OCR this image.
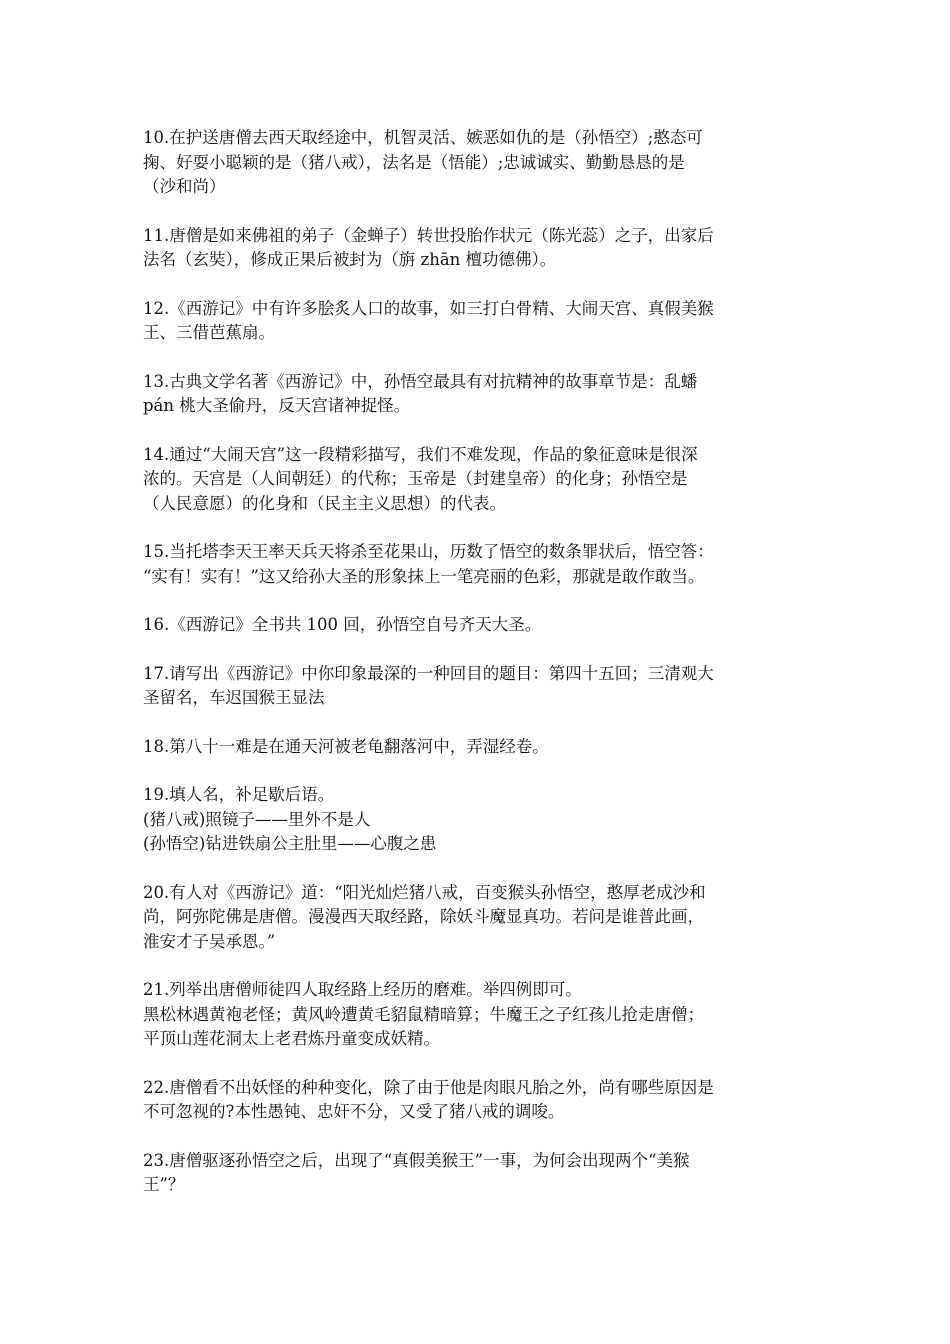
10.在护送唐僧去西天取经途中，机智灵活、嫉恶如仇的是（孙悟空）;憨态可
掬、好耍小聪颖的是（猪八戒），法名是（悟能）;忠诚诚实、勤勤恳恳的是
（沙和尚）
11.唐僧是如来佛祖的弟子（金蝉子）转世投胎作状元（陈光蕊）之子，出家后
法名（玄奘），修成正果后被封为（旃 zhān 檀功德佛）。
12.《西游记》中有许多脍炙人口的故事，如三打白骨精、大闹天宫、真假美猴
王、三借芭蕉扇。
13.古典文学名著《西游记》中，孙悟空最具有对抗精神的故事章节是：乱蟠
pán 桃大圣偷丹，反天宫诸神捉怪。
14.通过“大闹天宫”这一段精彩描写，我们不难发现，作品的象征意味是很深
浓的。天宫是（人间朝廷）的代称；玉帝是（封建皇帝）的化身；孙悟空是
（人民意愿）的化身和（民主主义思想）的代表。
15.当托塔李天王率天兵天将杀至花果山，历数了悟空的数条罪状后，悟空答：
“实有！实有！”这又给孙大圣的形象抹上一笔亮丽的色彩，那就是敢作敢当。
16.《西游记》全书共 100 回，孙悟空自号齐天大圣。
17.请写出《西游记》中你印象最深的一种回目的题目：第四十五回；三清观大
圣留名，车迟国猴王显法
18.第八十一难是在通天河被老龟翻落河中，弄湿经卷。
19.填人名，补足歇后语。
(猪八戒)照镜子——里外不是人
(孙悟空)钻进铁扇公主肚里——心腹之患
20.有人对《西游记》道：“阳光灿烂猪八戒，百变猴头孙悟空，憨厚老成沙和
尚，阿弥陀佛是唐僧。漫漫西天取经路，除妖斗魔显真功。若问是谁普此画，
淮安才子吴承恩。”
21.列举出唐僧师徒四人取经路上经历的磨难。举四例即可。
黑松林遇黄袍老怪；黄风岭遭黄毛貂鼠精暗算；牛魔王之子红孩儿抢走唐僧；
平顶山莲花洞太上老君炼丹童变成妖精。
22.唐僧看不出妖怪的种种变化，除了由于他是肉眼凡胎之外，尚有哪些原因是
不可忽视的?本性愚钝、忠奸不分，又受了猪八戒的调唆。
23.唐僧驱逐孙悟空之后，出现了“真假美猴王”一事，为何会出现两个“美猴
王”？
